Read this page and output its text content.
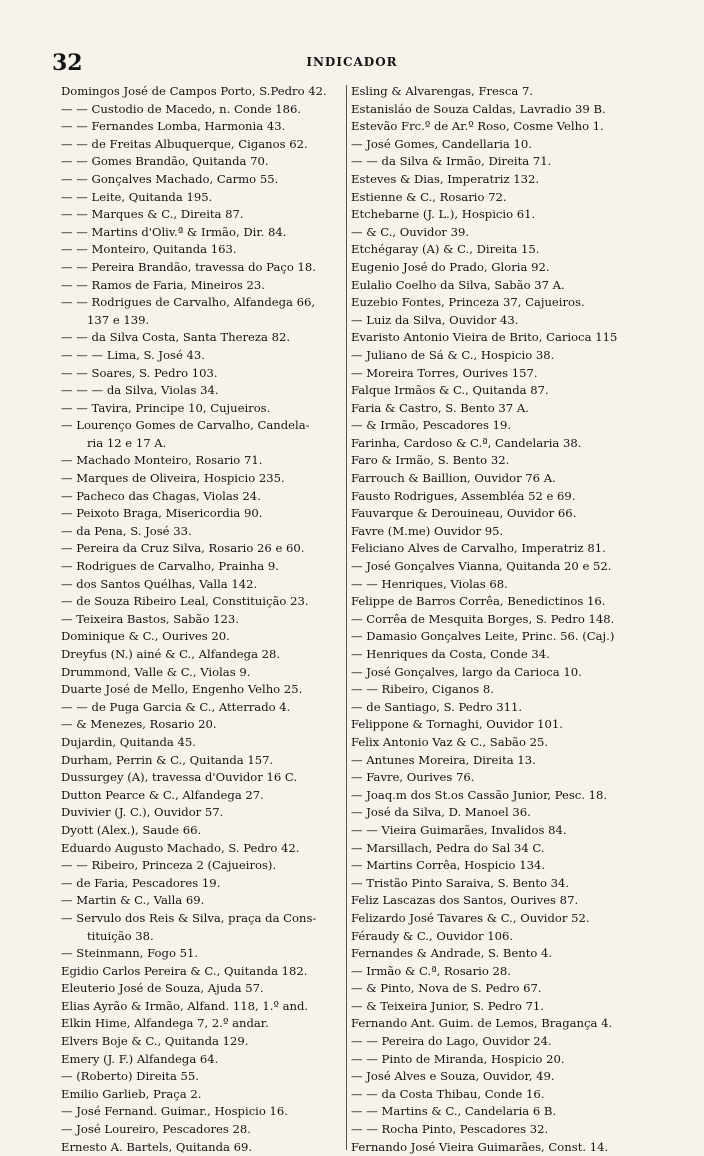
32	INDICADOR
Domingos José de Campos Porto, S.Pedro 42.
— — Custodio de Macedo, n. Conde 186.
— — Fernandes Lomba, Harmonia 43.
— — de Freitas Albuquerque, Ciganos 62.
— — Gomes Brandão, Quitanda 70.
— — Gonçalves Machado, Carmo 55.
— — Leite, Quitanda 195.
— — Marques & C., Direita 87.
— — Martins d'Oliv.ª & Irmão, Dir. 84.
— — Monteiro, Quitanda 163.
— — Pereira Brandão, travessa do Paço 18.
— — Ramos de Faria, Mineiros 23.
— — Rodrigues de Carvalho, Alfandega 66,
137 e 139.
— — da Silva Costa, Santa Thereza 82.
— — — Lima, S. José 43.
— — Soares, S. Pedro 103.
— — — da Silva, Violas 34.
— — Tavira, Principe 10, Cujueiros.
— Lourenço Gomes de Carvalho, Candela-
ria 12 e 17 A.
— Machado Monteiro, Rosario 71.
— Marques de Oliveira, Hospicio 235.
— Pacheco das Chagas, Violas 24.
— Peixoto Braga, Misericordia 90.
— da Pena, S. José 33.
— Pereira da Cruz Silva, Rosario 26 e 60.
— Rodrigues de Carvalho, Prainha 9.
— dos Santos Quélhas, Valla 142.
— de Souza Ribeiro Leal, Constituição 23.
— Teixeira Bastos, Sabão 123.
Dominique & C., Ourives 20.
Dreyfus (N.) ainé & C., Alfandega 28.
Drummond, Valle & C., Violas 9.
Duarte José de Mello, Engenho Velho 25.
— — de Puga Garcia & C., Atterrado 4.
— & Menezes, Rosario 20.
Dujardin, Quitanda 45.
Durham, Perrin & C., Quitanda 157.
Dussurgey (A), travessa d'Ouvidor 16 C.
Dutton Pearce & C., Alfandega 27.
Duvivier (J. C.), Ouvidor 57.
Dyott (Alex.), Saude 66.
Eduardo Augusto Machado, S. Pedro 42.
— — Ribeiro, Princeza 2 (Cajueiros).
— de Faria, Pescadores 19.
— Martin & C., Valla 69.
— Servulo dos Reis & Silva, praça da Cons-
tituição 38.
— Steinmann, Fogo 51.
Egidio Carlos Pereira & C., Quitanda 182.
Eleuterio José de Souza, Ajuda 57.
Elias Ayrão & Irmão, Alfand. 118, 1.º and.
Elkin Hime, Alfandega 7, 2.º andar.
Elvers Boje & C., Quitanda 129.
Emery (J. F.) Alfandega 64.
— (Roberto) Direita 55.
Emilio Garlieb, Praça 2.
— José Fernand. Guimar., Hospicio 16.
— José Loureiro, Pescadores 28.
Ernesto A. Bartels, Quitanda 69.
Esling & Alvarengas, Fresca 7.
Estanisláo de Souza Caldas, Lavradio 39 B.
Estevão Frc.º de Ar.º Roso, Cosme Velho 1.
— José Gomes, Candellaria 10.
— — da Silva & Irmão, Direita 71.
Esteves & Dias, Imperatriz 132.
Estienne & C., Rosario 72.
Etchebarne (J. L.), Hospicio 61.
— & C., Ouvidor 39.
Etchégaray (A) & C., Direita 15.
Eugenio José do Prado, Gloria 92.
Eulalio Coelho da Silva, Sabão 37 A.
Euzebio Fontes, Princeza 37, Cajueiros.
— Luiz da Silva, Ouvidor 43.
Evaristo Antonio Vieira de Brito, Carioca 115
— Juliano de Sá & C., Hospicio 38.
— Moreira Torres, Ourives 157.
Falque Irmãos & C., Quitanda 87.
Faria & Castro, S. Bento 37 A.
— & Irmão, Pescadores 19.
Farinha, Cardoso & C.ª, Candelaria 38.
Faro & Irmão, S. Bento 32.
Farrouch & Baillion, Ouvidor 76 A.
Fausto Rodrigues, Assembléa 52 e 69.
Fauvarque & Derouineau, Ouvidor 66.
Favre (M.me) Ouvidor 95.
Feliciano Alves de Carvalho, Imperatriz 81.
— José Gonçalves Vianna, Quitanda 20 e 52.
— — Henriques, Violas 68.
Felippe de Barros Corrêa, Benedictinos 16.
— Corrêa de Mesquita Borges, S. Pedro 148.
— Damasio Gonçalves Leite, Princ. 56. (Caj.)
— Henriques da Costa, Conde 34.
— José Gonçalves, largo da Carioca 10.
— — Ribeiro, Ciganos 8.
— de Santiago, S. Pedro 311.
Felippone & Tornaghi, Ouvidor 101.
Felix Antonio Vaz & C., Sabão 25.
— Antunes Moreira, Direita 13.
— Favre, Ourives 76.
— Joaq.m dos St.os Cassão Junior, Pesc. 18.
— José da Silva, D. Manoel 36.
— — Vieira Guimarães, Invalidos 84.
— Marsillach, Pedra do Sal 34 C.
— Martins Corrêa, Hospicio 134.
— Tristão Pinto Saraiva, S. Bento 34.
Feliz Lascazas dos Santos, Ourives 87.
Felizardo José Tavares & C., Ouvidor 52.
Féraudy & C., Ouvidor 106.
Fernandes & Andrade, S. Bento 4.
— Irmão & C.ª, Rosario 28.
— & Pinto, Nova de S. Pedro 67.
— & Teixeira Junior, S. Pedro 71.
Fernando Ant. Guim. de Lemos, Bragança 4.
— — Pereira do Lago, Ouvidor 24.
— — Pinto de Miranda, Hospicio 20.
— José Alves e Souza, Ouvidor, 49.
— — da Costa Thibau, Conde 16.
— — Martins & C., Candelaria 6 B.
— — Rocha Pinto, Pescadores 32.
Fernando José Vieira Guimarães, Const. 14.
